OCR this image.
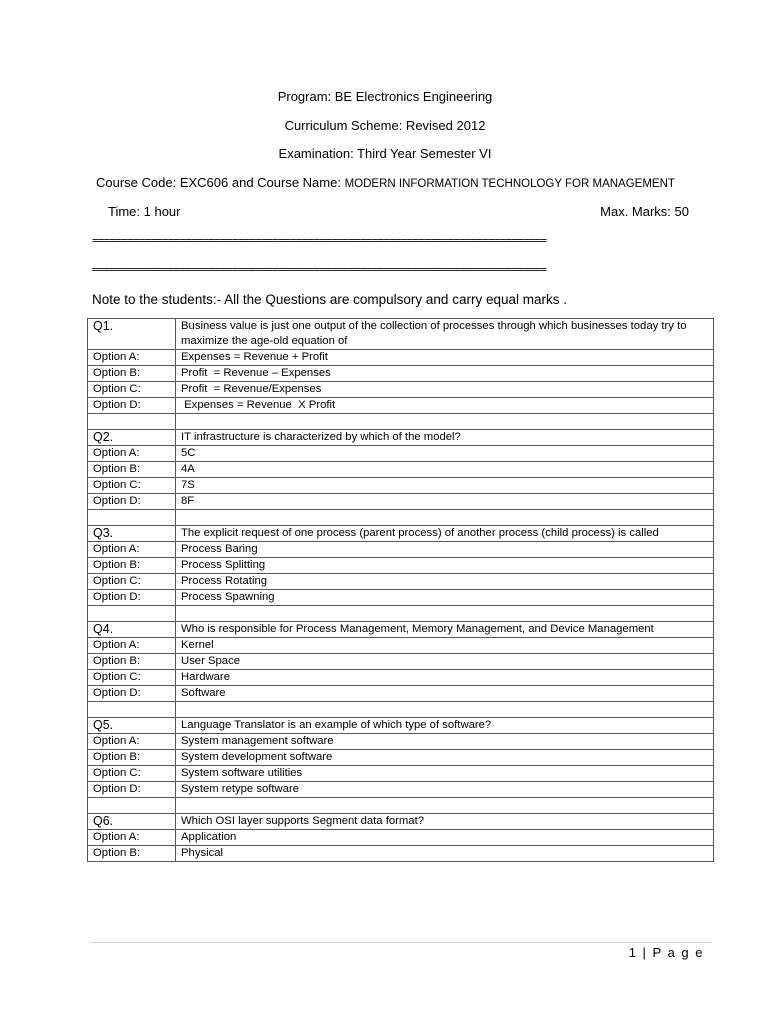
Program: BE Electronics Engineering
Curriculum Scheme: Revised 2012
Examination: Third Year Semester VI
Course Code: EXC606 and Course Name: MODERN INFORMATION TECHNOLOGY FOR MANAGEMENT
Time: 1 hour	Max. Marks: 50
==============================================================================
==============================================================================
Note to the students:- All the Questions are compulsory and carry equal marks .
Q1.	Business value is just one output of the collection of processes through which businesses today try to maximize the age-old equation of
Option A:	Expenses = Revenue + Profit
Option B:	Profit  = Revenue – Expenses
Option C:	Profit  = Revenue/Expenses
Option D:	Expenses = Revenue  X Profit

Q2.	IT infrastructure is characterized by which of the model?
Option A:	5C
Option B:	4A
Option C:	7S
Option D:	8F

Q3.	The explicit request of one process (parent process) of another process (child process) is called
Option A:	Process Baring
Option B:	Process Splitting
Option C:	Process Rotating
Option D:	Process Spawning

Q4.	Who is responsible for Process Management, Memory Management, and Device Management
Option A:	Kernel
Option B:	User Space
Option C:	Hardware
Option D:	Software

Q5.	Language Translator is an example of which type of software?
Option A:	System management software
Option B:	System development software
Option C:	System software utilities
Option D:	System retype software

Q6.	Which OSI layer supports Segment data format?
Option A:	Application
Option B:	Physical
1 | P a g e
